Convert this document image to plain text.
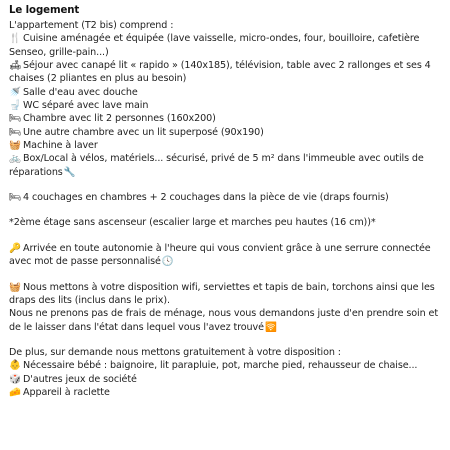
Le logement
L'appartement (T2 bis) comprend :
🍴 Cuisine aménagée et équipée (lave vaisselle, micro-ondes, four, bouilloire, cafetière Senseo, grille-pain...)
🛋 Séjour avec canapé lit « rapido » (140x185), télévision, table avec 2 rallonges et ses 4 chaises (2 pliantes en plus au besoin)
🚿 Salle d'eau avec douche
🚽 WC séparé avec lave main
🛏 Chambre avec lit 2 personnes (160x200)
🛏 Une autre chambre avec un lit superposé (90x190)
🧺 Machine à laver
🚲 Box/Local à vélos, matériels... sécurisé, privé de 5 m² dans l'immeuble avec outils de réparations🔧
🛏 4 couchages en chambres + 2 couchages dans la pièce de vie (draps fournis)
*2ème étage sans ascenseur (escalier large et marches peu hautes (16 cm))*
🔑 Arrivée en toute autonomie à l'heure qui vous convient grâce à une serrure connectée avec mot de passe personnalisé🕓
🧺 Nous mettons à votre disposition wifi, serviettes et tapis de bain, torchons ainsi que les draps des lits (inclus dans le prix).
Nous ne prenons pas de frais de ménage, nous vous demandons juste d'en prendre soin et de le laisser dans l'état dans lequel vous l'avez trouvé🛜
De plus, sur demande nous mettons gratuitement à votre disposition :
👶 Nécessaire bébé : baignoire, lit parapluie, pot, marche pied, rehausseur de chaise...
🎲 D'autres jeux de société
🧀 Appareil à raclette
